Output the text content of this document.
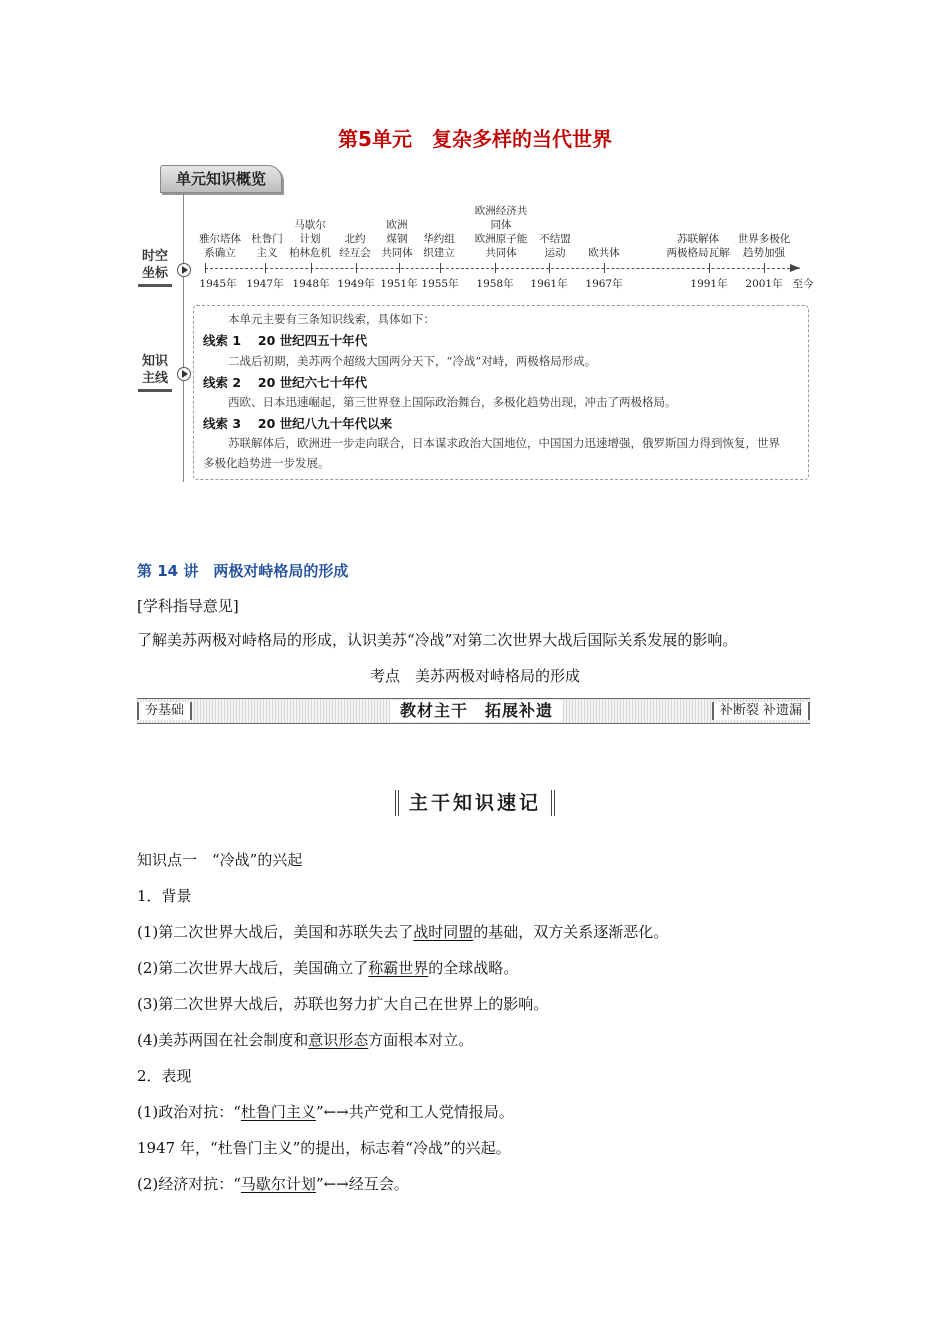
第5单元　复杂多样的当代世界
单元知识概览
时空
坐标
雅尔塔体
系确立
杜鲁门
主义
马歇尔
计划
柏林危机
北约
经互会
欧洲
煤钢
共同体
华约组
织建立
欧洲经济共
同体
欧洲原子能
共同体
不结盟
运动	欧共体
苏联解体
两极格局瓦解
世界多极化
趋势加强
1945年 1947年 1948年 1949年 1951年 1955年 1958年 1961年 1967年	1991年 2001年 至今
知识
主线
本单元主要有三条知识线索，具体如下：
线索 1　 20 世纪四五十年代
二战后初期，美苏两个超级大国两分天下，“冷战”对峙，两极格局形成。
线索 2　 20 世纪六七十年代
西欧、日本迅速崛起，第三世界登上国际政治舞台，多极化趋势出现，冲击了两极格局。
线索 3　 20 世纪八九十年代以来
苏联解体后，欧洲进一步走向联合，日本谋求政治大国地位，中国国力迅速增强，俄罗斯国力得到恢复，世界
多极化趋势进一步发展。
第 14 讲　两极对峙格局的形成
[学科指导意见]
了解美苏两极对峙格局的形成，认识美苏“冷战”对第二次世界大战后国际关系发展的影响。
考点　美苏两极对峙格局的形成
夯基础	教材主干　拓展补遗	补断裂 补遗漏
主干知识速记
知识点一　“冷战”的兴起
1．背景
(1)第二次世界大战后，美国和苏联失去了战时同盟的基础，双方关系逐渐恶化。
(2)第二次世界大战后，美国确立了称霸世界的全球战略。
(3)第二次世界大战后，苏联也努力扩大自己在世界上的影响。
(4)美苏两国在社会制度和意识形态方面根本对立。
2．表现
(1)政治对抗：“杜鲁门主义”←→共产党和工人党情报局。
1947 年，“杜鲁门主义”的提出，标志着“冷战”的兴起。
(2)经济对抗：“马歇尔计划”←→经互会。
